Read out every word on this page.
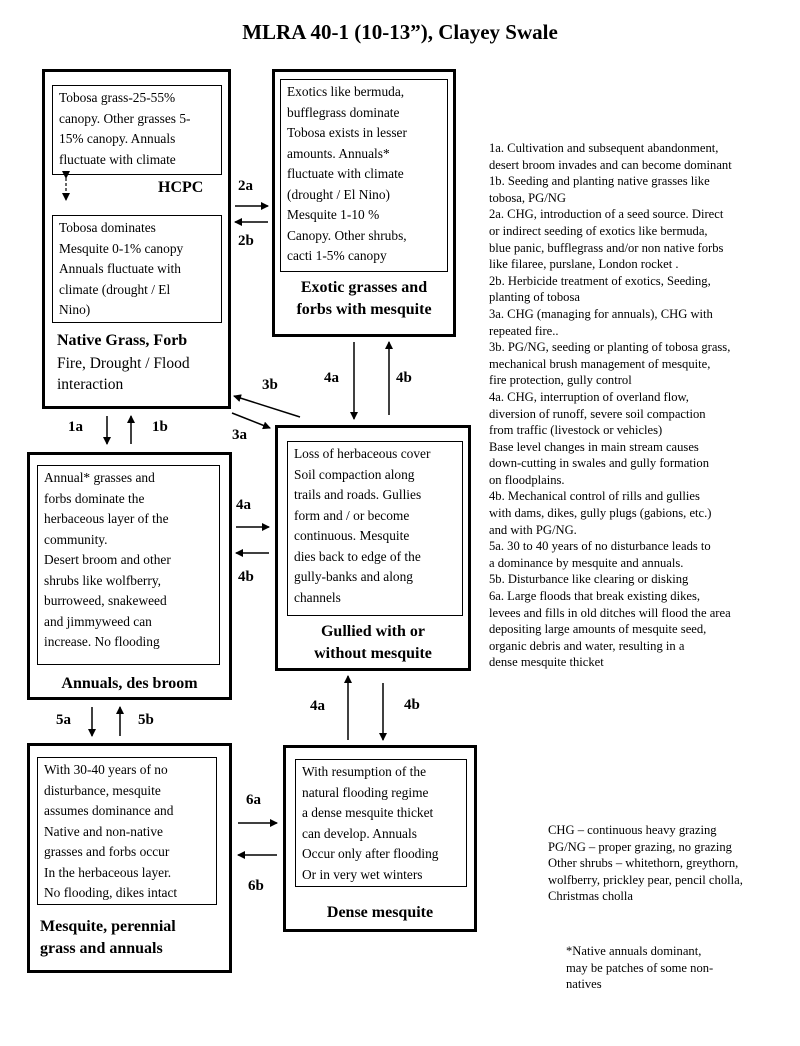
MLRA 40-1 (10-13”), Clayey Swale
Tobosa grass-25-55%
canopy. Other grasses 5-
15% canopy. Annuals
fluctuate with climate
HCPC
Tobosa dominates
Mesquite 0-1% canopy
Annuals fluctuate with
climate (drought / El
Nino)
Native Grass, Forb
Fire, Drought / Flood
interaction
Exotics like bermuda,
bufflegrass dominate
Tobosa exists in lesser
amounts. Annuals*
fluctuate with climate
(drought / El Nino)
Mesquite 1-10 %
Canopy. Other shrubs,
cacti 1-5% canopy
Exotic grasses and
forbs with mesquite
Annual* grasses and
forbs dominate the
herbaceous layer of the
community.
Desert broom and other
shrubs like wolfberry,
burroweed, snakeweed
and jimmyweed can
increase. No flooding
Annuals, des broom
Loss of herbaceous cover
Soil compaction along
trails and roads. Gullies
form and / or become
continuous. Mesquite
dies back to edge of the
gully-banks and along
channels
Gullied with or
without mesquite
With 30-40 years of no
disturbance, mesquite
assumes dominance and
Native and non-native
grasses and forbs occur
In the herbaceous layer.
No flooding, dikes intact
Mesquite, perennial
grass and annuals
With resumption of the
natural flooding regime
a dense mesquite thicket
can develop. Annuals
Occur only after flooding
Or in very wet winters
Dense mesquite
2a
2b
1a	1b
3b
3a
4a	4b
4a
4b
4a	4b
5a	5b
6a
6b
1a. Cultivation and subsequent abandonment,
desert broom invades and can become dominant
1b. Seeding and planting native grasses like
tobosa, PG/NG
2a. CHG, introduction of a seed source. Direct
or indirect seeding of exotics like bermuda,
blue panic, bufflegrass and/or non native forbs
like filaree, purslane, London rocket .
2b. Herbicide treatment of exotics, Seeding,
planting of tobosa
3a. CHG (managing for annuals), CHG with
repeated fire..
3b. PG/NG, seeding or planting of tobosa grass,
mechanical brush management of mesquite,
fire protection, gully control
4a. CHG, interruption of overland flow,
diversion of runoff, severe soil compaction
from traffic (livestock or vehicles)
Base level changes in main stream causes
down-cutting in swales and gully formation
on floodplains.
4b. Mechanical control of rills and gullies
with dams, dikes, gully plugs (gabions, etc.)
and with PG/NG.
5a. 30 to 40 years of no disturbance leads to
a dominance by mesquite and annuals.
5b. Disturbance like clearing or disking
6a. Large floods that break existing dikes,
levees and fills in old ditches will flood the area
depositing large amounts of mesquite seed,
organic debris and water, resulting in a
dense mesquite thicket
CHG – continuous heavy grazing
PG/NG – proper grazing, no grazing
Other shrubs – whitethorn, greythorn,
wolfberry, prickley pear, pencil cholla,
Christmas cholla
*Native annuals dominant,
may be patches of some non-
natives
